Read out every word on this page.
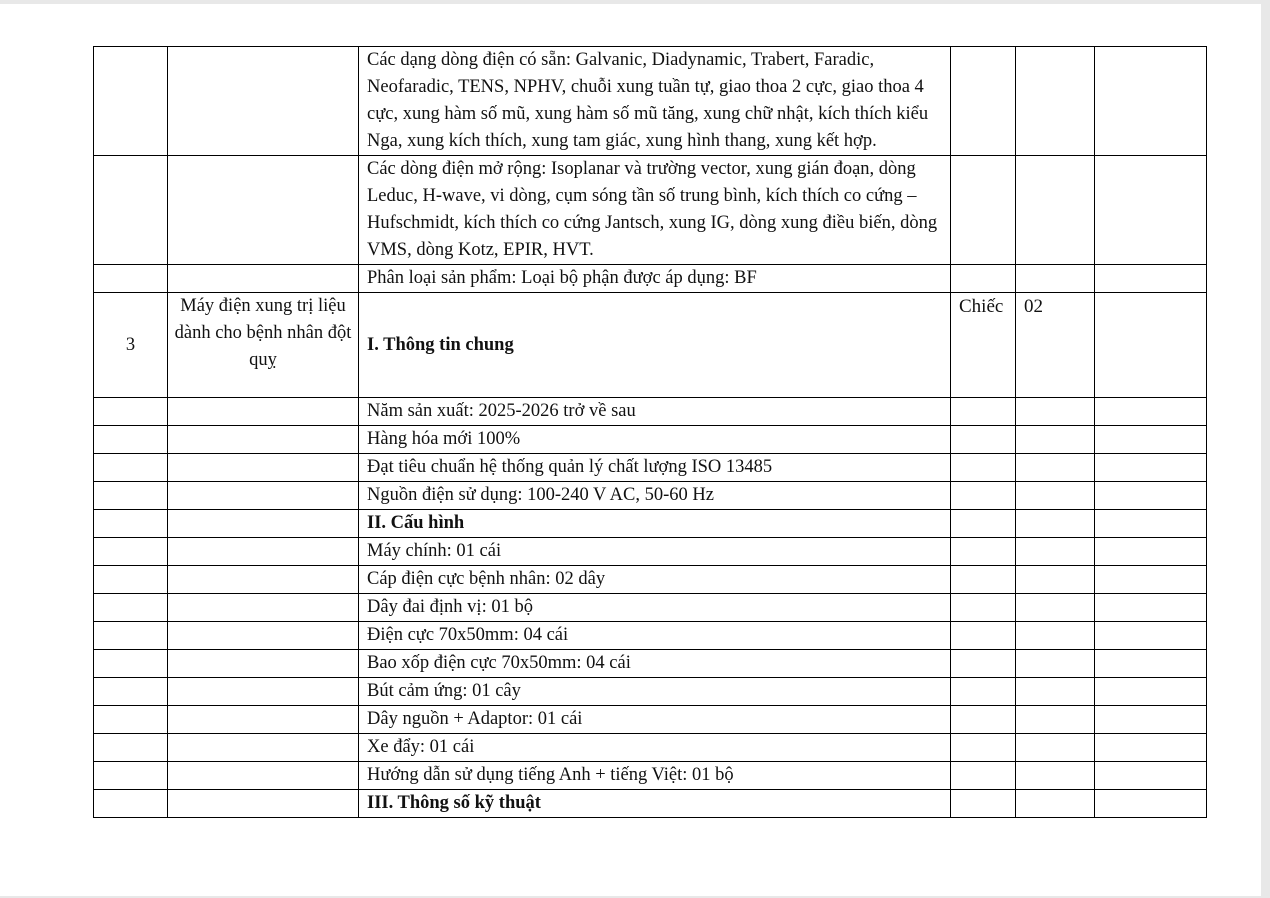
		Các dạng dòng điện có sẵn: Galvanic, Diadynamic, Trabert, Faradic, Neofaradic, TENS, NPHV, chuỗi xung tuần tự, giao thoa 2 cực, giao thoa 4 cực, xung hàm số mũ, xung hàm số mũ tăng, xung chữ nhật, kích thích kiểu Nga, xung kích thích, xung tam giác, xung hình thang, xung kết hợp.			
		Các dòng điện mở rộng: Isoplanar và trường vector, xung gián đoạn, dòng Leduc, H-wave, vi dòng, cụm sóng tần số trung bình, kích thích co cứng – Hufschmidt, kích thích co cứng Jantsch, xung IG, dòng xung điều biến, dòng VMS, dòng Kotz, EPIR, HVT.			
		Phân loại sản phẩm: Loại bộ phận được áp dụng: BF			
3	Máy điện xung trị liệu dành cho bệnh nhân đột quỵ	I. Thông tin chung	Chiếc	02	
		Năm sản xuất: 2025-2026 trở về sau			
		Hàng hóa mới 100%			
		Đạt tiêu chuẩn hệ thống quản lý chất lượng ISO 13485			
		Nguồn điện sử dụng: 100-240 V AC, 50-60 Hz			
		II. Cấu hình			
		Máy chính: 01 cái			
		Cáp điện cực bệnh nhân: 02 dây			
		Dây đai định vị: 01 bộ			
		Điện cực 70x50mm: 04 cái			
		Bao xốp điện cực 70x50mm: 04 cái			
		Bút cảm ứng: 01 cây			
		Dây nguồn + Adaptor: 01 cái			
		Xe đẩy: 01 cái			
		Hướng dẫn sử dụng tiếng Anh + tiếng Việt: 01 bộ			
		III. Thông số kỹ thuật			
